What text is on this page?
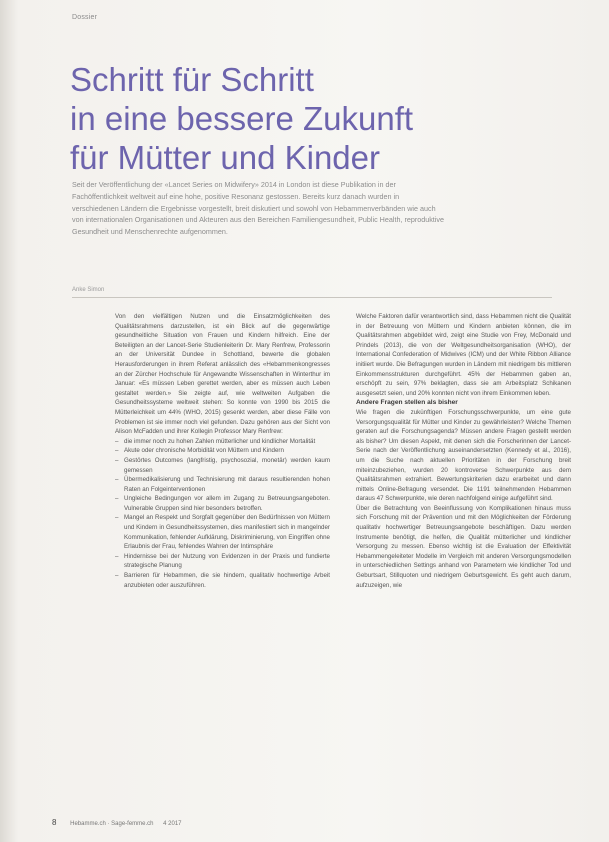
Dossier
Schritt für Schritt
in eine bessere Zukunft
für Mütter und Kinder
Seit der Veröffentlichung der «Lancet Series on Midwifery» 2014 in London ist diese Publikation in der Fachöffentlichkeit weltweit auf eine hohe, positive Resonanz gestossen. Bereits kurz danach wurden in verschiedenen Ländern die Ergebnisse vorgestellt, breit diskutiert und sowohl von Hebammenverbänden wie auch von internationalen Organisationen und Akteuren aus den Bereichen Familiengesundheit, Public Health, reproduktive Gesundheit und Menschenrechte aufgenommen.
Anke Simon

Von den vielfältigen Nutzen und die Einsatzmöglichkeiten des Qualitätsrahmens darzustellen, ist ein Blick auf die gegenwärtige gesundheitliche Situation von Frauen und Kindern hilfreich. Eine der Beteiligten an der Lancet-Serie Studienleiterin Dr. Mary Renfrew, Professorin an der Universität Dundee in Schottland, bewerte die globalen Herausforderungen in ihrem Referat anlässlich des «Hebammenkongresses an der Zürcher Hochschule für Angewandte Wissenschaften in Winterthur im Januar: «Es müssen Leben gerettet werden, aber es müssen auch Leben gestaltet werden.» Sie zeigte auf, wie weltweiten Aufgaben die Gesundheitssysteme weltweit stehen: So konnte von 1990 bis 2015 die Mütterleichkeit um 44% (WHO, 2015) gesenkt werden, aber diese Fälle von Problemen ist sie immer noch viel gefunden. Dazu gehören aus der Sicht von Alison McFadden und ihrer Kollegin Professor Mary Renfrew:

– die immer noch zu hohen Zahlen mütterlicher und kindlicher Mortalität
– Akute oder chronische Morbidität von Müttern und Kindern
– Gestörtes Outcomes (langfristig, psychosozial, monetär) werden kaum gemessen
– Übermedikalisierung und Technisierung mit daraus resultierenden hohen Raten an Folgeinterventionen
– Ungleiche Bedingungen vor allem im Zugang zu Betreuungsangeboten. Vulnerable Gruppen sind hier besonders betroffen.
– Mangel an Respekt und Sorgfalt gegenüber den Bedürfnissen von Müttern und Kindern in Gesundheitssystemen, dies manifestiert sich in mangelnder Kommunikation, fehlender Aufklärung, Diskriminierung, von Eingriffen ohne Erlaubnis der Frau, fehlendes Wahren der Intimsphäre
– Hindernisse bei der Nutzung von Evidenzen in der Praxis und fundierte strategische Planung
– Barrieren für Hebammen, die sie hindern, qualitativ hochwertige Arbeit anzubieten oder auszuführen.

Welche Faktoren dafür verantwortlich sind, dass Hebammen nicht die Qualität in der Betreuung von Müttern und Kindern anbieten können, die im Qualitätsrahmen abgebildet wird, zeigt eine Studie von Frey, McDonald und Prindels (2013), die von der Weltgesundheitsorganisation (WHO), der International Confederation of Midwives (ICM) und der White Ribbon Alliance initiiert wurde. Die Befragungen wurden in Ländern mit niedrigem bis mittleren Einkommensstrukturen durchgeführt. 45% der Hebammen gaben an, erschöpft zu sein, 97% beklagten, dass sie am Arbeitsplatz Schikanen ausgesetzt seien, und 20% konnten nicht von ihrem Einkommen leben.

Andere Fragen stellen als bisher

Wie fragen die zukünftigen Forschungsschwerpunkte, um eine gute Versorgungsqualität für Mütter und Kinder zu gewährleisten? Welche Themen geraten auf die Forschungsagenda? Müssen andere Fragen gestellt werden als bisher? Um diesen Aspekt, mit denen sich die Forscherinnen der Lancet-Serie nach der Veröffentlichung auseinandersetzten (Kennedy et al., 2016), um die Suche nach aktuellen Prioritäten in der Forschung breit miteinzubeziehen, wurden 20 kontroverse Schwerpunkte aus dem Qualitätsrahmen extrahiert. Bewertungskriterien dazu erarbeitet und dann mittels Online-Befragung versendet. Die 1191 teilnehmenden Hebammen daraus 47 Schwerpunkte, wie deren nachfolgend einige aufgeführt sind.

Über die Betrachtung von Beeinflussung von Komplikationen hinaus muss sich Forschung mit der Prävention und mit den Möglichkeiten der Förderung qualitativ hochwertiger Betreuungsangebote beschäftigen. Dazu werden Instrumente benötigt, die helfen, die Qualität mütterlicher und kindlicher Versorgung zu messen. Ebenso wichtig ist die Evaluation der Effektivität Hebammengeleiteter Modelle im Vergleich mit anderen Versorgungsmodellen in unterschiedlichen Settings anhand von Parametern wie kindlicher Tod und Geburtsart, Stillquoten und niedrigem Geburtsgewicht. Es geht auch darum, aufzuzeigen, wie

8 Hebamme.ch · Sage-femme.ch 4 2017
